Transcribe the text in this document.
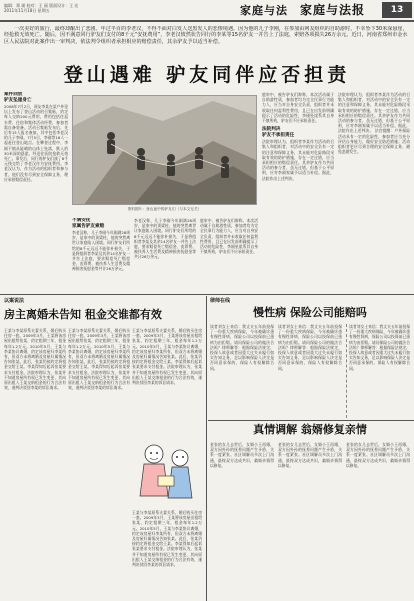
编辑：郑 瑛 校对：王 丽 版面设计：王 宏
2011年11月18日 星期五	家庭与法 家庭与法报	13
一次美好的旅行，最终却酿出了悲剧。年过半百的李老汉，不得不面对白发人送黑发人的悲惨境遇。因为他的儿子李刚，在参加由网友组织的自助游时，不幸坠下30米深悬崖，经抢救无效死亡。随后，因不满意同行驴友们支付的8千元“安抚费用”，李老汉愤然状告同行的李某等15名驴友一并告上了法庭，索赔各项损失26万余元。近日，河南省郑州市金水区人民法院对此案作出一审判决，依法判令组织者承担相应的赔偿责任，其余驴友予以适当补偿。
登山遇难 驴友同伴应否担责
案件回放
驴友坠崖身亡
2008年7月2日，网友李某在某户外论坛上发布了登山活动的召集帖，约定每人交纳200元费用，费用包括往返车费、住宿和集体活动经费，参加者需自备装备。活动召集帖发布后，先后有15人报名参加，其中包括李老汉的儿子李刚。7月5日，李刚等16人一起赶往登山地点。在攀登过程中，李刚不慎从陡峭的山体上坠落，跌入约30米深的悬崖，经送往医院抢救无效死亡。事发后，同行的驴友们凑了8千元钱交给了李老汉作为安抚费用。李老汉认为，作为活动的组织者和参与者，他们没有尽到安全保障义务，理应承担赔偿责任。
资料图片：登山途中的驴友们（与本文无关）
不满安抚
家属告驴友索赔
李老汉称，儿子李刚今年刚满28周岁，是家中的顶梁柱，他的突然离世让家庭陷入困境。同行驴友们所给的8千元远远不能弥补损失，于是将组织者李某及其余14名驴友一并告上法庭，要求赔偿死亡赔偿金、丧葬费、被扶养人生活费及精神损害抚慰金等共计26万余元。
李老汉称，儿子李刚今年刚满28周岁，是家中的顶梁柱，他的突然离世让家庭陷入困境。同行驴友们所给的8千元远远不能弥补损失，于是将组织者李某及其余14名驴友一并告上法庭，要求赔偿死亡赔偿金、丧葬费、被扶养人生活费及精神损害抚慰金等共计26万余元。
庭审中，被告驴友们辩称，本次活动属于自助游性质，参加者均为完全民事行为能力人，应当对自身安全负责，组织者并未收取任何盈利性费用，且已在出发前明确提示了活动的危险性，李刚坠崖系其自身不慎所致，驴友们不应承担责任。
庭审中，被告驴友们辩称，本次活动属于自助游性质，参加者均为完全民事行为能力人，应当对自身安全负责，组织者并未收取任何盈利性费用，且已在出发前明确提示了活动的危险性，李刚坠崖系其自身不慎所致，驴友们不应承担责任。
法院判决
驴友不承担责任
法院审理认为，组织者李某作为活动的召集人和组织者，对活动中的安全负有一定的注意和保障义务，其未能对危险路段采取有效的防护措施，存在一定过错，应当承担相应的赔偿责任。其余驴友作为共同活动的参与者，虽无过错，但基于公平原则，应对李刚家属予以适当补偿。据此，法院作出上述判决。
法院审理认为，组织者李某作为活动的召集人和组织者，对活动中的安全负有一定的注意和保障义务，其未能对危险路段采取有效的防护措施，存在一定过错，应当承担相应的赔偿责任。其余驴友作为共同活动的参与者，虽无过错，但基于公平原则，应对李刚家属予以适当补偿。据此，法院作出上述判决。 法官提醒：户外探险活动具有一定的危险性，参加者应当充分评估自身能力，做好安全防范措施；活动组织者更应尽到合理的安全保障义务，避免悲剧发生。
以案说法
房主离婚未告知 租金交谁都有效
王某与李某原系夫妻关系，婚后购买住房一套。2009年3月，王某将该房屋出租给张某，约定租期三年，租金每年1.2万元。2010年5月，王某与李某协议离婚，约定该房屋归李某所有，但双方未将离婚及房屋归属情况告知张某。此后，张某仍按约定将租金交给王某。李某得知后起诉张某要求支付租金。法院审理认为，张某并不知道房屋所有权已发生变更，其向原出租人王某交纳租金的行为合法有效，遂判决驳回李某的诉讼请求。
王某与李某原系夫妻关系，婚后购买住房一套。2009年3月，王某将该房屋出租给张某，约定租期三年，租金每年1.2万元。2010年5月，王某与李某协议离婚，约定该房屋归李某所有，但双方未将离婚及房屋归属情况告知张某。此后，张某仍按约定将租金交给王某。李某得知后起诉张某要求支付租金。法院审理认为，张某并不知道房屋所有权已发生变更，其向原出租人王某交纳租金的行为合法有效，遂判决驳回李某的诉讼请求。
王某与李某原系夫妻关系，婚后购买住房一套。2009年3月，王某将该房屋出租给张某，约定租期三年，租金每年1.2万元。2010年5月，王某与李某协议离婚，约定该房屋归李某所有，但双方未将离婚及房屋归属情况告知张某。此后，张某仍按约定将租金交给王某。李某得知后起诉张某要求支付租金。法院审理认为，张某并不知道房屋所有权已发生变更，其向原出租人王某交纳租金的行为合法有效，遂判决驳回李某的诉讼请求。
王某与李某原系夫妻关系，婚后购买住房一套。2009年3月，王某将该房屋出租给张某，约定租期三年，租金每年1.2万元。2010年5月，王某与李某协议离婚，约定该房屋归李某所有，但双方未将离婚及房屋归属情况告知张某。此后，张某仍按约定将租金交给王某。李某得知后起诉张某要求支付租金。法院审理认为，张某并不知道房屋所有权已发生变更，其向原出租人王某交纳租金的行为合法有效，遂判决驳回李某的诉讼请求。
律师在线
慢性病 保险公司能赔吗
读者刘女士来信：我丈夫五年前投保了一份重大疾病保险，今年被确诊患有慢性肾病，保险公司以投保前已患病为由拒赔。请问保险公司的做法合法吗？律师解答：根据保险法规定，投保人故意或者因重大过失未履行如实告知义务，足以影响保险人决定是否同意承保的，保险人有权解除合同。
读者刘女士来信：我丈夫五年前投保了一份重大疾病保险，今年被确诊患有慢性肾病，保险公司以投保前已患病为由拒赔。请问保险公司的做法合法吗？律师解答：根据保险法规定，投保人故意或者因重大过失未履行如实告知义务，足以影响保险人决定是否同意承保的，保险人有权解除合同。
读者刘女士来信：我丈夫五年前投保了一份重大疾病保险，今年被确诊患有慢性肾病，保险公司以投保前已患病为由拒赔。请问保险公司的做法合法吗？律师解答：根据保险法规定，投保人故意或者因重大过失未履行如实告知义务，足以影响保险人决定是否同意承保的，保险人有权解除合同。
真情调解 翁婿修复亲情
老张的女儿去世后，女婿小王再婚，双方因外孙的抚养问题产生矛盾，关系一度紧张。社区调解员多次上门沟通，最终双方达成共识，翁婿亲情得以修复。
老张的女儿去世后，女婿小王再婚，双方因外孙的抚养问题产生矛盾，关系一度紧张。社区调解员多次上门沟通，最终双方达成共识，翁婿亲情得以修复。
老张的女儿去世后，女婿小王再婚，双方因外孙的抚养问题产生矛盾，关系一度紧张。社区调解员多次上门沟通，最终双方达成共识，翁婿亲情得以修复。
